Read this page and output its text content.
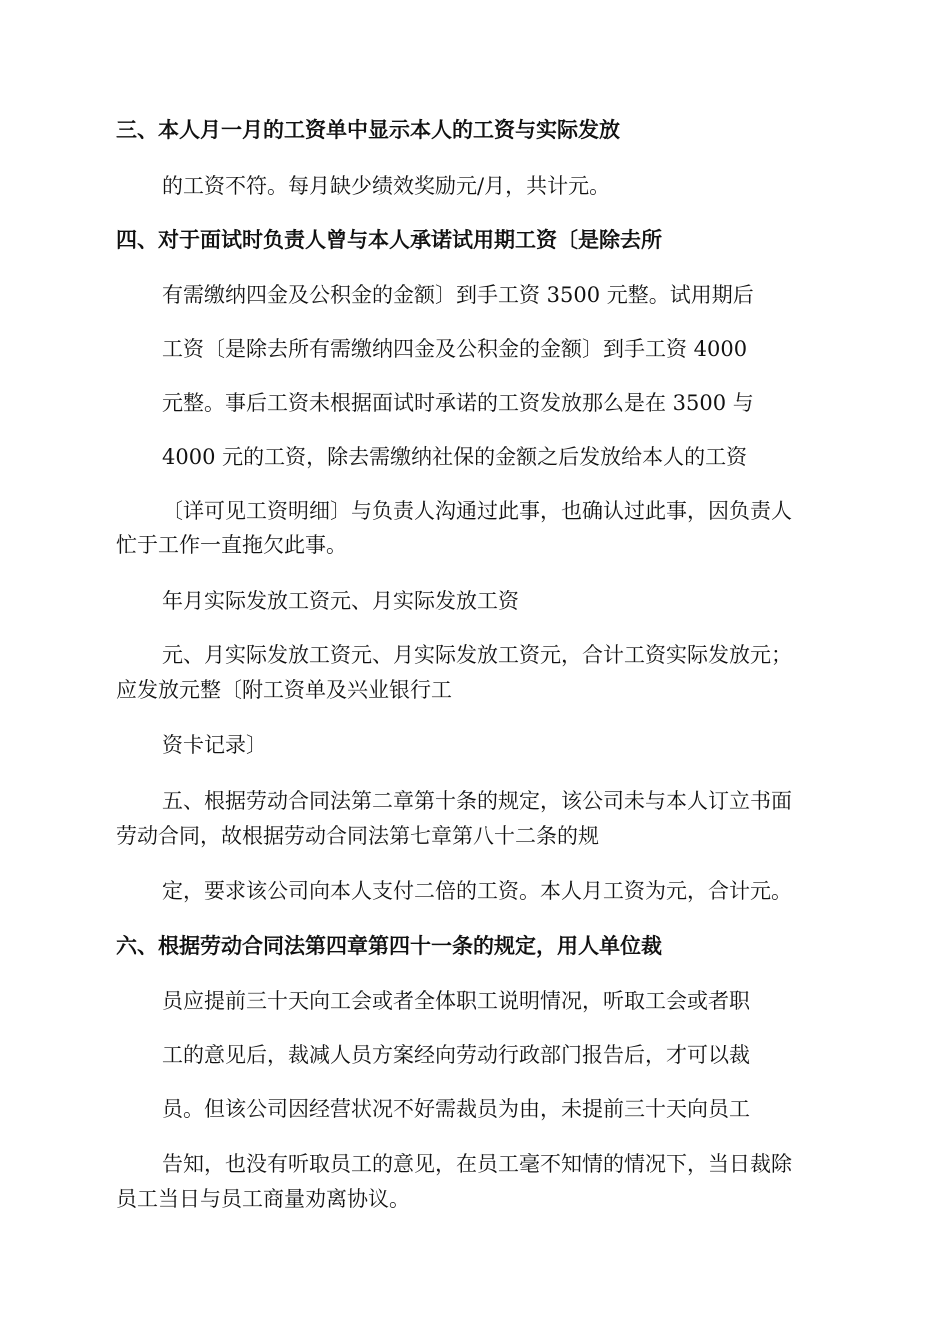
三、本人月一月的工资单中显示本人的工资与实际发放
的工资不符。每月缺少绩效奖励元/月，共计元。
四、对于面试时负责人曾与本人承诺试用期工资〔是除去所
有需缴纳四金及公积金的金额〕到手工资 3500 元整。试用期后
工资〔是除去所有需缴纳四金及公积金的金额〕到手工资 4000
元整。事后工资未根据面试时承诺的工资发放那么是在 3500 与
4000 元的工资，除去需缴纳社保的金额之后发放给本人的工资
〔详可见工资明细〕与负责人沟通过此事，也确认过此事，因负责人
忙于工作一直拖欠此事。
年月实际发放工资元、月实际发放工资
元、月实际发放工资元、月实际发放工资元，合计工资实际发放元；
应发放元整〔附工资单及兴业银行工
资卡记录〕
五、根据劳动合同法第二章第十条的规定，该公司未与本人订立书面
劳动合同，故根据劳动合同法第七章第八十二条的规
定，要求该公司向本人支付二倍的工资。本人月工资为元，合计元。
六、根据劳动合同法第四章第四十一条的规定，用人单位裁
员应提前三十天向工会或者全体职工说明情况，听取工会或者职
工的意见后，裁减人员方案经向劳动行政部门报告后，才可以裁
员。但该公司因经营状况不好需裁员为由，未提前三十天向员工
告知，也没有听取员工的意见，在员工毫不知情的情况下，当日裁除
员工当日与员工商量劝离协议。
